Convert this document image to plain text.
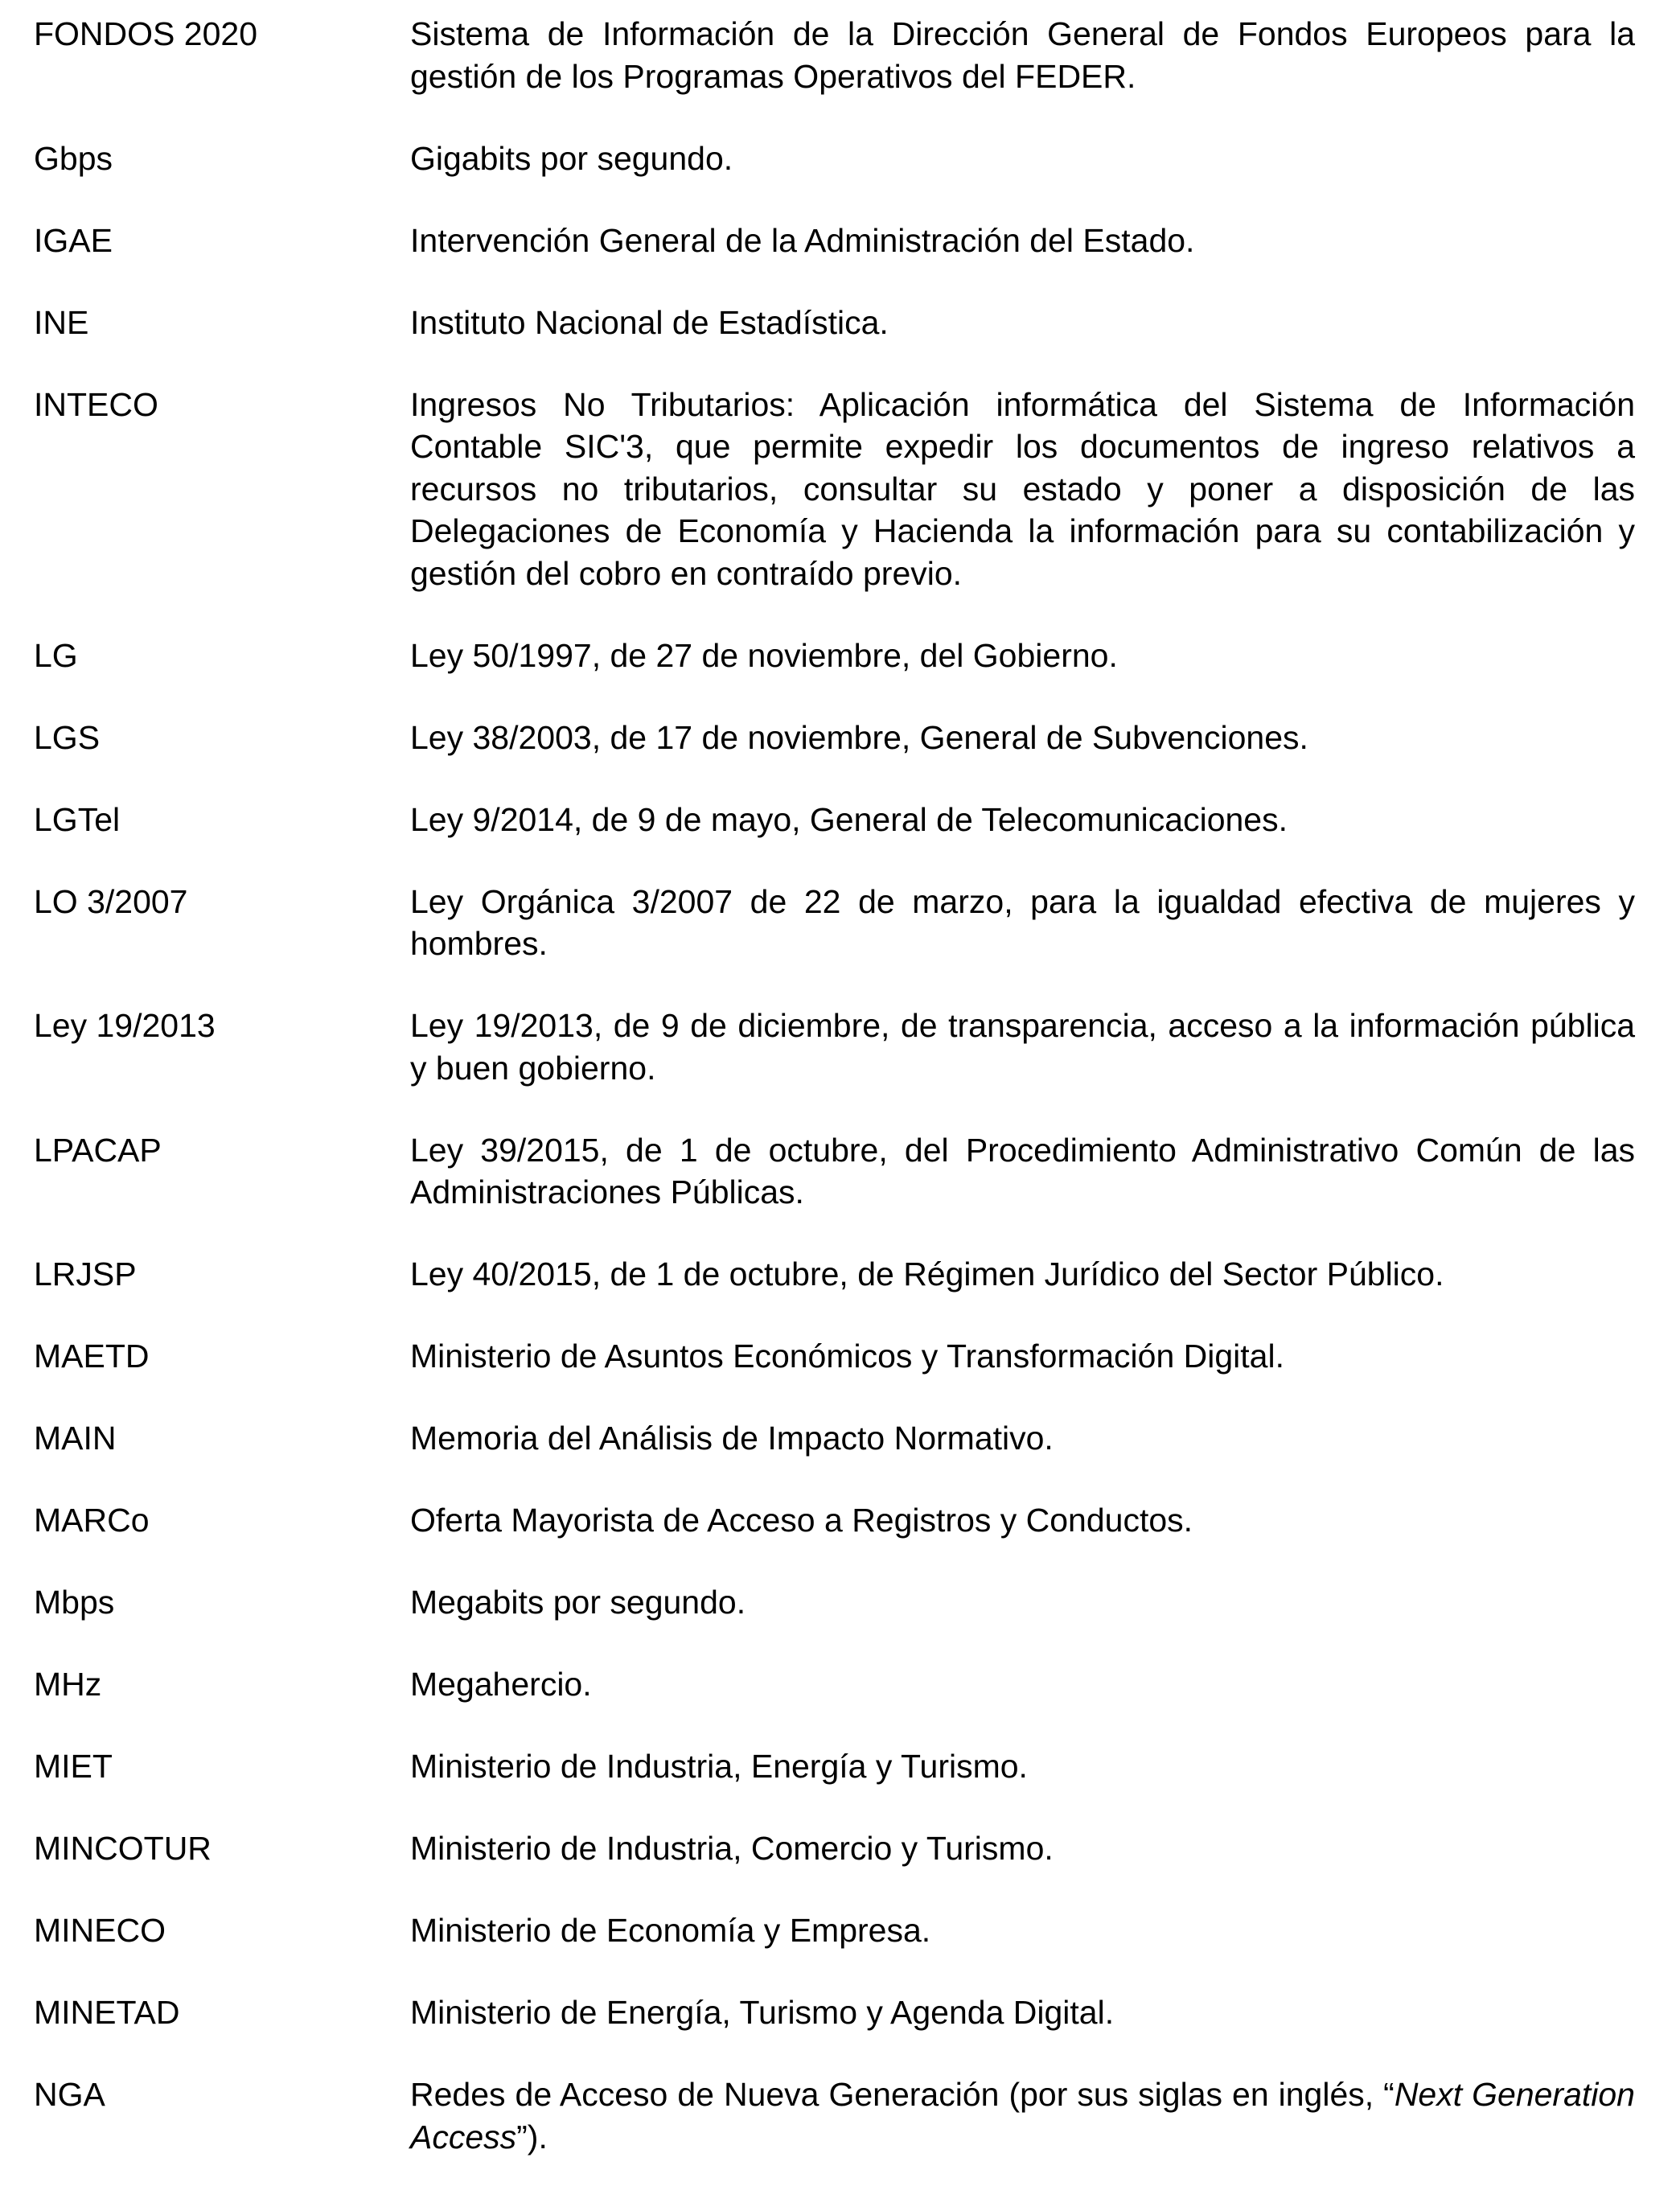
FONDOS 2020	Sistema de Información de la Dirección General de Fondos Europeos para la gestión de los Programas Operativos del FEDER.
Gbps	Gigabits por segundo.
IGAE	Intervención General de la Administración del Estado.
INE	Instituto Nacional de Estadística.
INTECO	Ingresos No Tributarios: Aplicación informática del Sistema de Información Contable SIC'3, que permite expedir los documentos de ingreso relativos a recursos no tributarios, consultar su estado y poner a disposición de las Delegaciones de Economía y Hacienda la información para su contabilización y gestión del cobro en contraído previo.
LG	Ley 50/1997, de 27 de noviembre, del Gobierno.
LGS	Ley 38/2003, de 17 de noviembre, General de Subvenciones.
LGTel	Ley 9/2014, de 9 de mayo, General de Telecomunicaciones.
LO 3/2007	Ley Orgánica 3/2007 de 22 de marzo, para la igualdad efectiva de mujeres y hombres.
Ley 19/2013	Ley 19/2013, de 9 de diciembre, de transparencia, acceso a la información pública y buen gobierno.
LPACAP	Ley 39/2015, de 1 de octubre, del Procedimiento Administrativo Común de las Administraciones Públicas.
LRJSP	Ley 40/2015, de 1 de octubre, de Régimen Jurídico del Sector Público.
MAETD	Ministerio de Asuntos Económicos y Transformación Digital.
MAIN	Memoria del Análisis de Impacto Normativo.
MARCo	Oferta Mayorista de Acceso a Registros y Conductos.
Mbps	Megabits por segundo.
MHz	Megahercio.
MIET	Ministerio de Industria, Energía y Turismo.
MINCOTUR	Ministerio de Industria, Comercio y Turismo.
MINECO	Ministerio de Economía y Empresa.
MINETAD	Ministerio de Energía, Turismo y Agenda Digital.
NGA	Redes de Acceso de Nueva Generación (por sus siglas en inglés, “Next Generation Access”).
